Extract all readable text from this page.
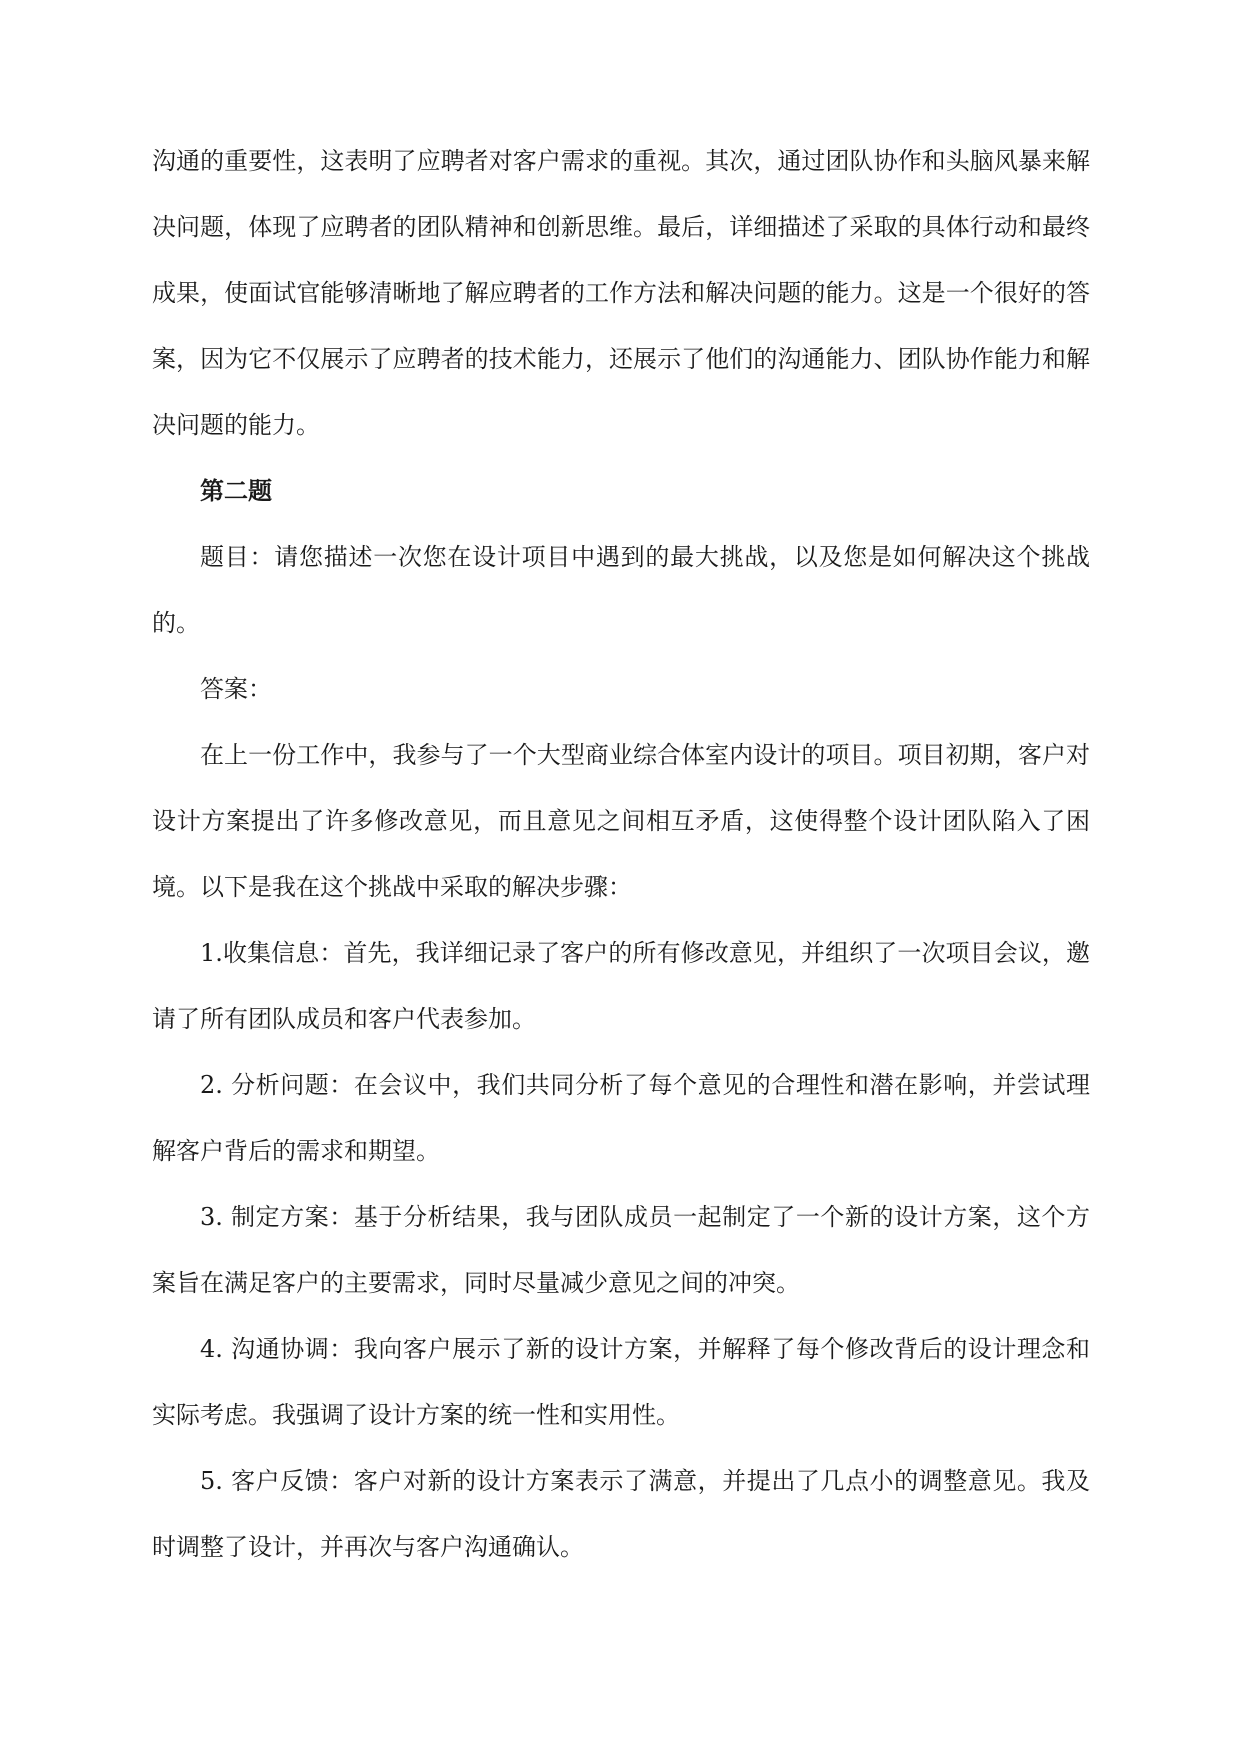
沟通的重要性，这表明了应聘者对客户需求的重视。其次，通过团队协作和头脑风暴来解决问题，体现了应聘者的团队精神和创新思维。最后，详细描述了采取的具体行动和最终成果，使面试官能够清晰地了解应聘者的工作方法和解决问题的能力。这是一个很好的答案，因为它不仅展示了应聘者的技术能力，还展示了他们的沟通能力、团队协作能力和解决问题的能力。

第二题

题目：请您描述一次您在设计项目中遇到的最大挑战，以及您是如何解决这个挑战的。

答案：

在上一份工作中，我参与了一个大型商业综合体室内设计的项目。项目初期，客户对设计方案提出了许多修改意见，而且意见之间相互矛盾，这使得整个设计团队陷入了困境。以下是我在这个挑战中采取的解决步骤：

1.收集信息：首先，我详细记录了客户的所有修改意见，并组织了一次项目会议，邀请了所有团队成员和客户代表参加。

2. 分析问题：在会议中，我们共同分析了每个意见的合理性和潜在影响，并尝试理解客户背后的需求和期望。

3. 制定方案：基于分析结果，我与团队成员一起制定了一个新的设计方案，这个方案旨在满足客户的主要需求，同时尽量减少意见之间的冲突。

4. 沟通协调：我向客户展示了新的设计方案，并解释了每个修改背后的设计理念和实际考虑。我强调了设计方案的统一性和实用性。

5. 客户反馈：客户对新的设计方案表示了满意，并提出了几点小的调整意见。我及时调整了设计，并再次与客户沟通确认。
